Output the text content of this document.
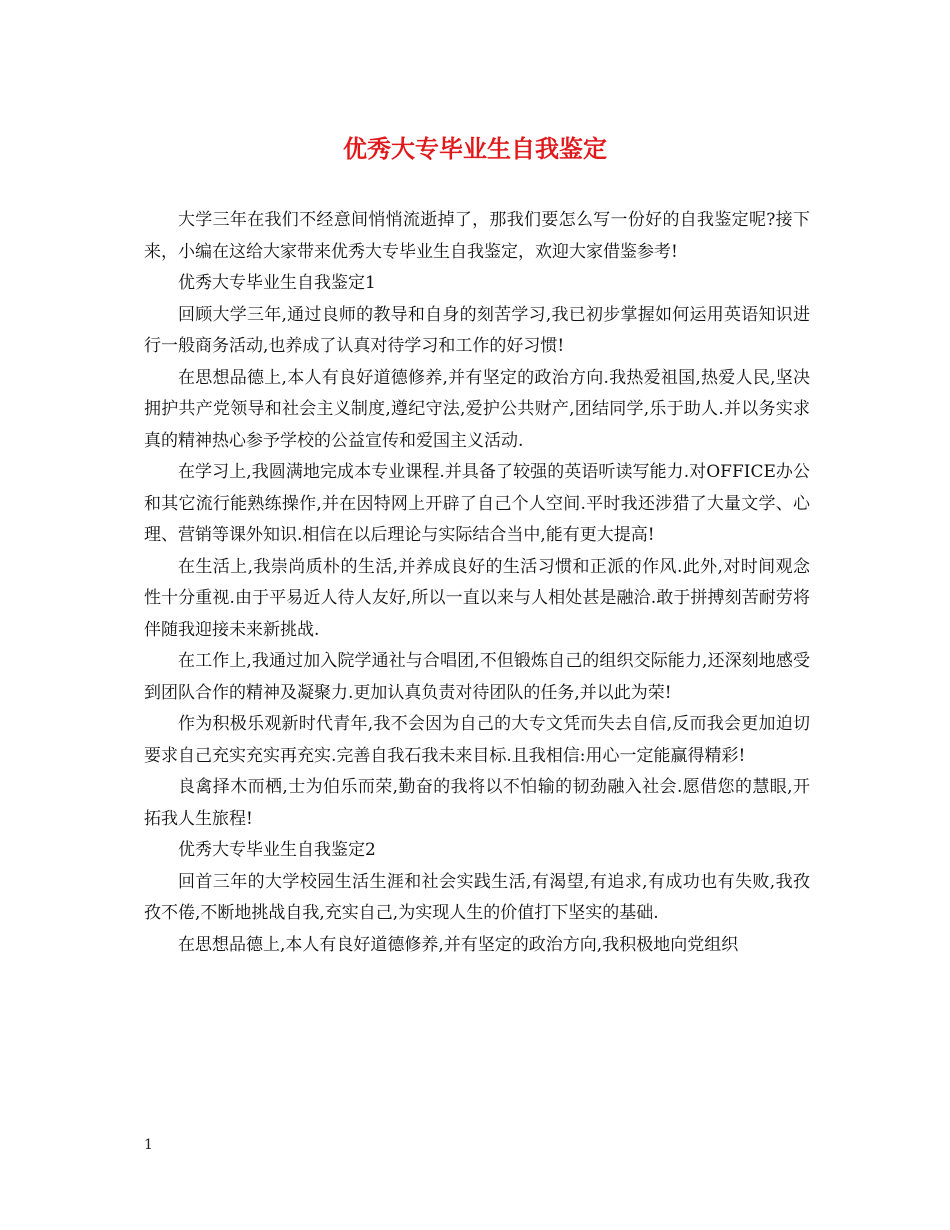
优秀大专毕业生自我鉴定

大学三年在我们不经意间悄悄流逝掉了，那我们要怎么写一份好的自我鉴定呢?接下来，小编在这给大家带来优秀大专毕业生自我鉴定，欢迎大家借鉴参考!

优秀大专毕业生自我鉴定1

回顾大学三年,通过良师的教导和自身的刻苦学习,我已初步掌握如何运用英语知识进行一般商务活动,也养成了认真对待学习和工作的好习惯!

在思想品德上,本人有良好道德修养,并有坚定的政治方向.我热爱祖国,热爱人民,坚决拥护共产党领导和社会主义制度,遵纪守法,爱护公共财产,团结同学,乐于助人.并以务实求真的精神热心参予学校的公益宣传和爱国主义活动.

在学习上,我圆满地完成本专业课程.并具备了较强的英语听读写能力.对OFFICE办公和其它流行能熟练操作,并在因特网上开辟了自己个人空间.平时我还涉猎了大量文学、心理、营销等课外知识.相信在以后理论与实际结合当中,能有更大提高!

在生活上,我崇尚质朴的生活,并养成良好的生活习惯和正派的作风.此外,对时间观念性十分重视.由于平易近人待人友好,所以一直以来与人相处甚是融洽.敢于拼搏刻苦耐劳将伴随我迎接未来新挑战.

在工作上,我通过加入院学通社与合唱团,不但锻炼自己的组织交际能力,还深刻地感受到团队合作的精神及凝聚力.更加认真负责对待团队的任务,并以此为荣!

作为积极乐观新时代青年,我不会因为自己的大专文凭而失去自信,反而我会更加迫切要求自己充实充实再充实.完善自我石我未来目标.且我相信:用心一定能赢得精彩!

良禽择木而栖,士为伯乐而荣,勤奋的我将以不怕输的韧劲融入社会.愿借您的慧眼,开拓我人生旅程!

优秀大专毕业生自我鉴定2

回首三年的大学校园生活生涯和社会实践生活,有渴望,有追求,有成功也有失败,我孜孜不倦,不断地挑战自我,充实自己,为实现人生的价值打下坚实的基础.

在思想品德上,本人有良好道德修养,并有坚定的政治方向,我积极地向党组织

1
